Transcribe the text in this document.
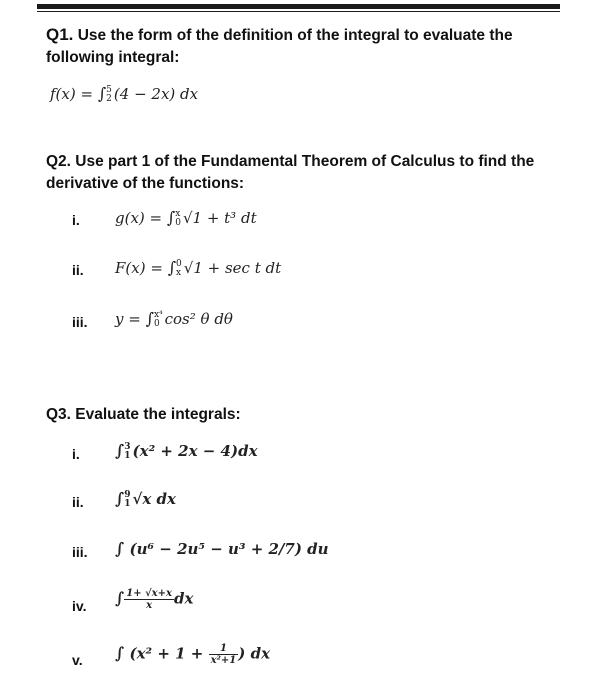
Q1. Use the form of the definition of the integral to evaluate the
following integral:
f(x) = ∫ 5
2 (4 − 2x) dx
Q2. Use part 1 of the Fundamental Theorem of Calculus to find the
derivative of the functions:
i. g(x) = ∫ x
0 √1 + t³ dt
ii. F(x) = ∫ 0
x √1 + sec t dt
iii. y = ∫ x⁴
0 cos² θ dθ
Q3. Evaluate the integrals:
i. ∫ 3
1 (x² + 2x − 4)dx
ii. ∫ 9
1 √x dx
iii. ∫ (u⁶ − 2u⁵ − u³ + 2/7) du
iv. ∫ $\frac{1+ √x+x}{x}$ dx
v. ∫ ($x^2 + 1 + \frac{1}{\text{x²+1}}$ ) dx
